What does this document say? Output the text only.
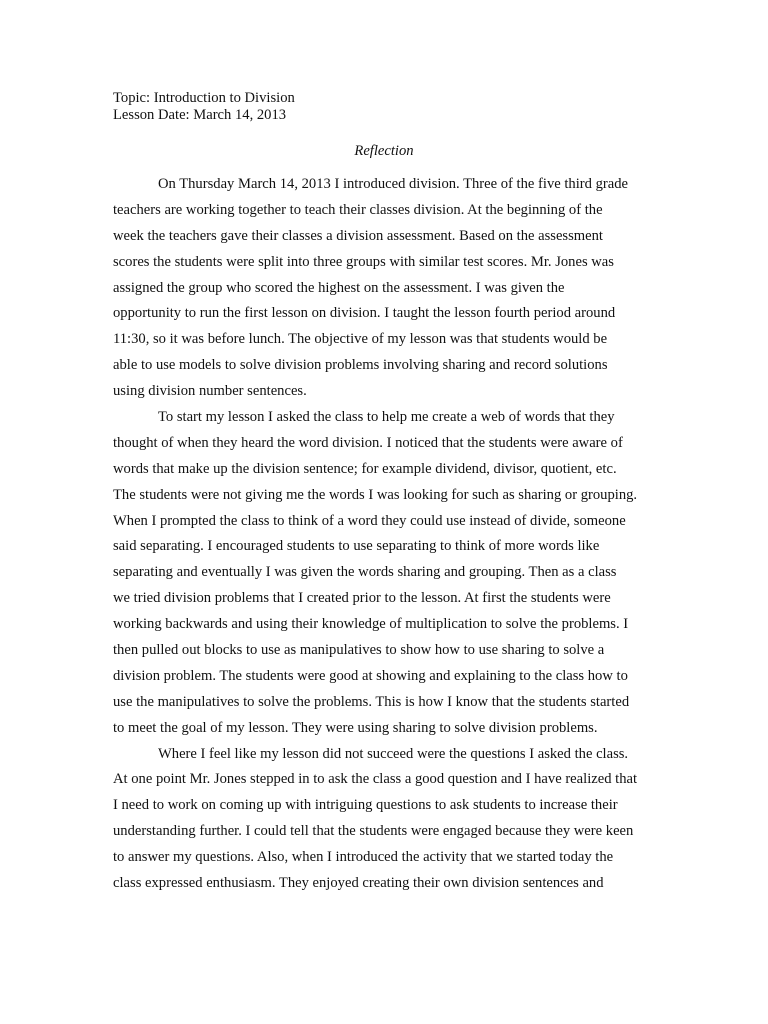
Topic: Introduction to Division
Lesson Date: March 14, 2013
Reflection
On Thursday March 14, 2013 I introduced division. Three of the five third grade
teachers are working together to teach their classes division. At the beginning of the
week the teachers gave their classes a division assessment. Based on the assessment
scores the students were split into three groups with similar test scores. Mr. Jones was
assigned the group who scored the highest on the assessment. I was given the
opportunity to run the first lesson on division. I taught the lesson fourth period around
11:30, so it was before lunch. The objective of my lesson was that students would be
able to use models to solve division problems involving sharing and record solutions
using division number sentences.
To start my lesson I asked the class to help me create a web of words that they
thought of when they heard the word division. I noticed that the students were aware of
words that make up the division sentence; for example dividend, divisor, quotient, etc.
The students were not giving me the words I was looking for such as sharing or grouping.
When I prompted the class to think of a word they could use instead of divide, someone
said separating. I encouraged students to use separating to think of more words like
separating and eventually I was given the words sharing and grouping. Then as a class
we tried division problems that I created prior to the lesson. At first the students were
working backwards and using their knowledge of multiplication to solve the problems. I
then pulled out blocks to use as manipulatives to show how to use sharing to solve a
division problem. The students were good at showing and explaining to the class how to
use the manipulatives to solve the problems. This is how I know that the students started
to meet the goal of my lesson. They were using sharing to solve division problems.
Where I feel like my lesson did not succeed were the questions I asked the class.
At one point Mr. Jones stepped in to ask the class a good question and I have realized that
I need to work on coming up with intriguing questions to ask students to increase their
understanding further. I could tell that the students were engaged because they were keen
to answer my questions. Also, when I introduced the activity that we started today the
class expressed enthusiasm. They enjoyed creating their own division sentences and
